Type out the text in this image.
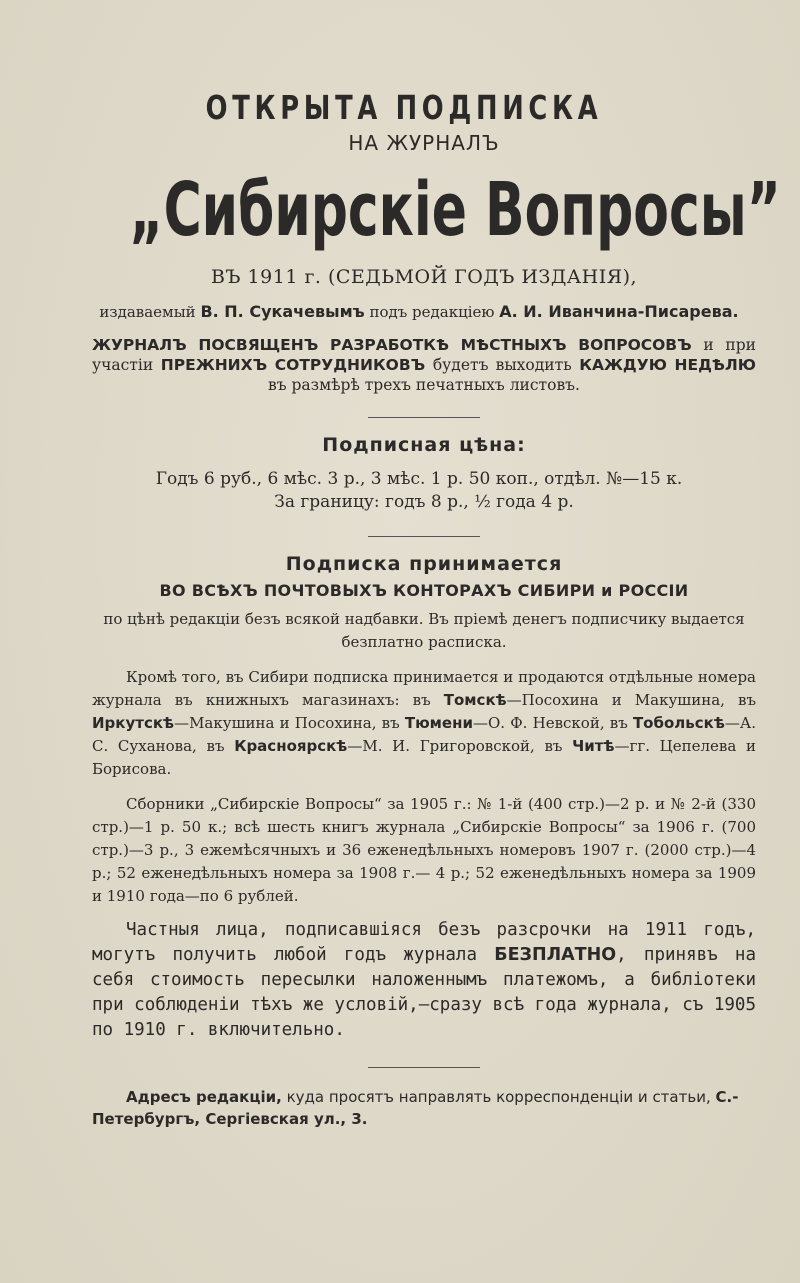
ОТКРЫТА ПОДПИСКА
НА ЖУРНАЛЪ
„Сибирскiе Вопросы”
ВЪ 1911 г. (СЕДЬМОЙ ГОДЪ ИЗДАНIЯ),
издаваемый В. П. Сукачевымъ подъ редакцiею А. И. Иванчина-Писарева.
ЖУРНАЛЪ ПОСВЯЩЕНЪ РАЗРАБОТКѢ МѢСТНЫХЪ ВОПРОСОВЪ и при участiи ПРЕЖНИХЪ СОТРУДНИКОВЪ будетъ выходить КАЖДУЮ НЕДѢЛЮ въ размѣрѣ трехъ печатныхъ листовъ.
Подписная цѣна:
Годъ 6 руб., 6 мѣс. 3 р., 3 мѣс. 1 р. 50 коп., отдѣл. №—15 к.
За границу: годъ 8 р., ½ года 4 р.
Подписка принимается
ВО ВСѢХЪ ПОЧТОВЫХЪ КОНТОРАХЪ СИБИРИ и РОССIИ
по цѣнѣ редакцiи безъ всякой надбавки. Въ прiемѣ денегъ подписчику выдается безплатно расписка.
Кромѣ того, въ Сибири подписка принимается и продаются отдѣльные номера журнала въ книжныхъ магазинахъ: въ Томскѣ—Посохина и Макушина, въ Иркутскѣ—Макушина и Посохина, въ Тюмени—О. Ф. Невской, въ Тобольскѣ—А. С. Суханова, въ Красноярскѣ—М. И. Григоровской, въ Читѣ—гг. Цепелева и Борисова.
Сборники „Сибирскiе Вопросы“ за 1905 г.: № 1-й (400 стр.)—2 р. и № 2-й (330 стр.)—1 р. 50 к.; всѣ шесть книгъ журнала „Сибирскiе Вопросы“ за 1906 г. (700 стр.)—3 р., 3 ежемѣсячныхъ и 36 еженедѣльныхъ номеровъ 1907 г. (2000 стр.)—4 р.; 52 еженедѣльныхъ номера за 1908 г.— 4 р.; 52 еженедѣльныхъ номера за 1909 и 1910 года—по 6 рублей.
Частныя лица, подписавшiяся безъ разсрочки на 1911 годъ, могутъ получить любой годъ журнала БЕЗПЛАТНО, принявъ на себя стоимость пересылки наложеннымъ платежомъ, а библiотеки при соблюденiи тѣхъ же условiй,—сразу всѣ года журнала, съ 1905 по 1910 г. включительно.
Адресъ редакцiи, куда просятъ направлять корреспонденцiи и статьи, С.-Петербургъ, Сергiевская ул., 3.
